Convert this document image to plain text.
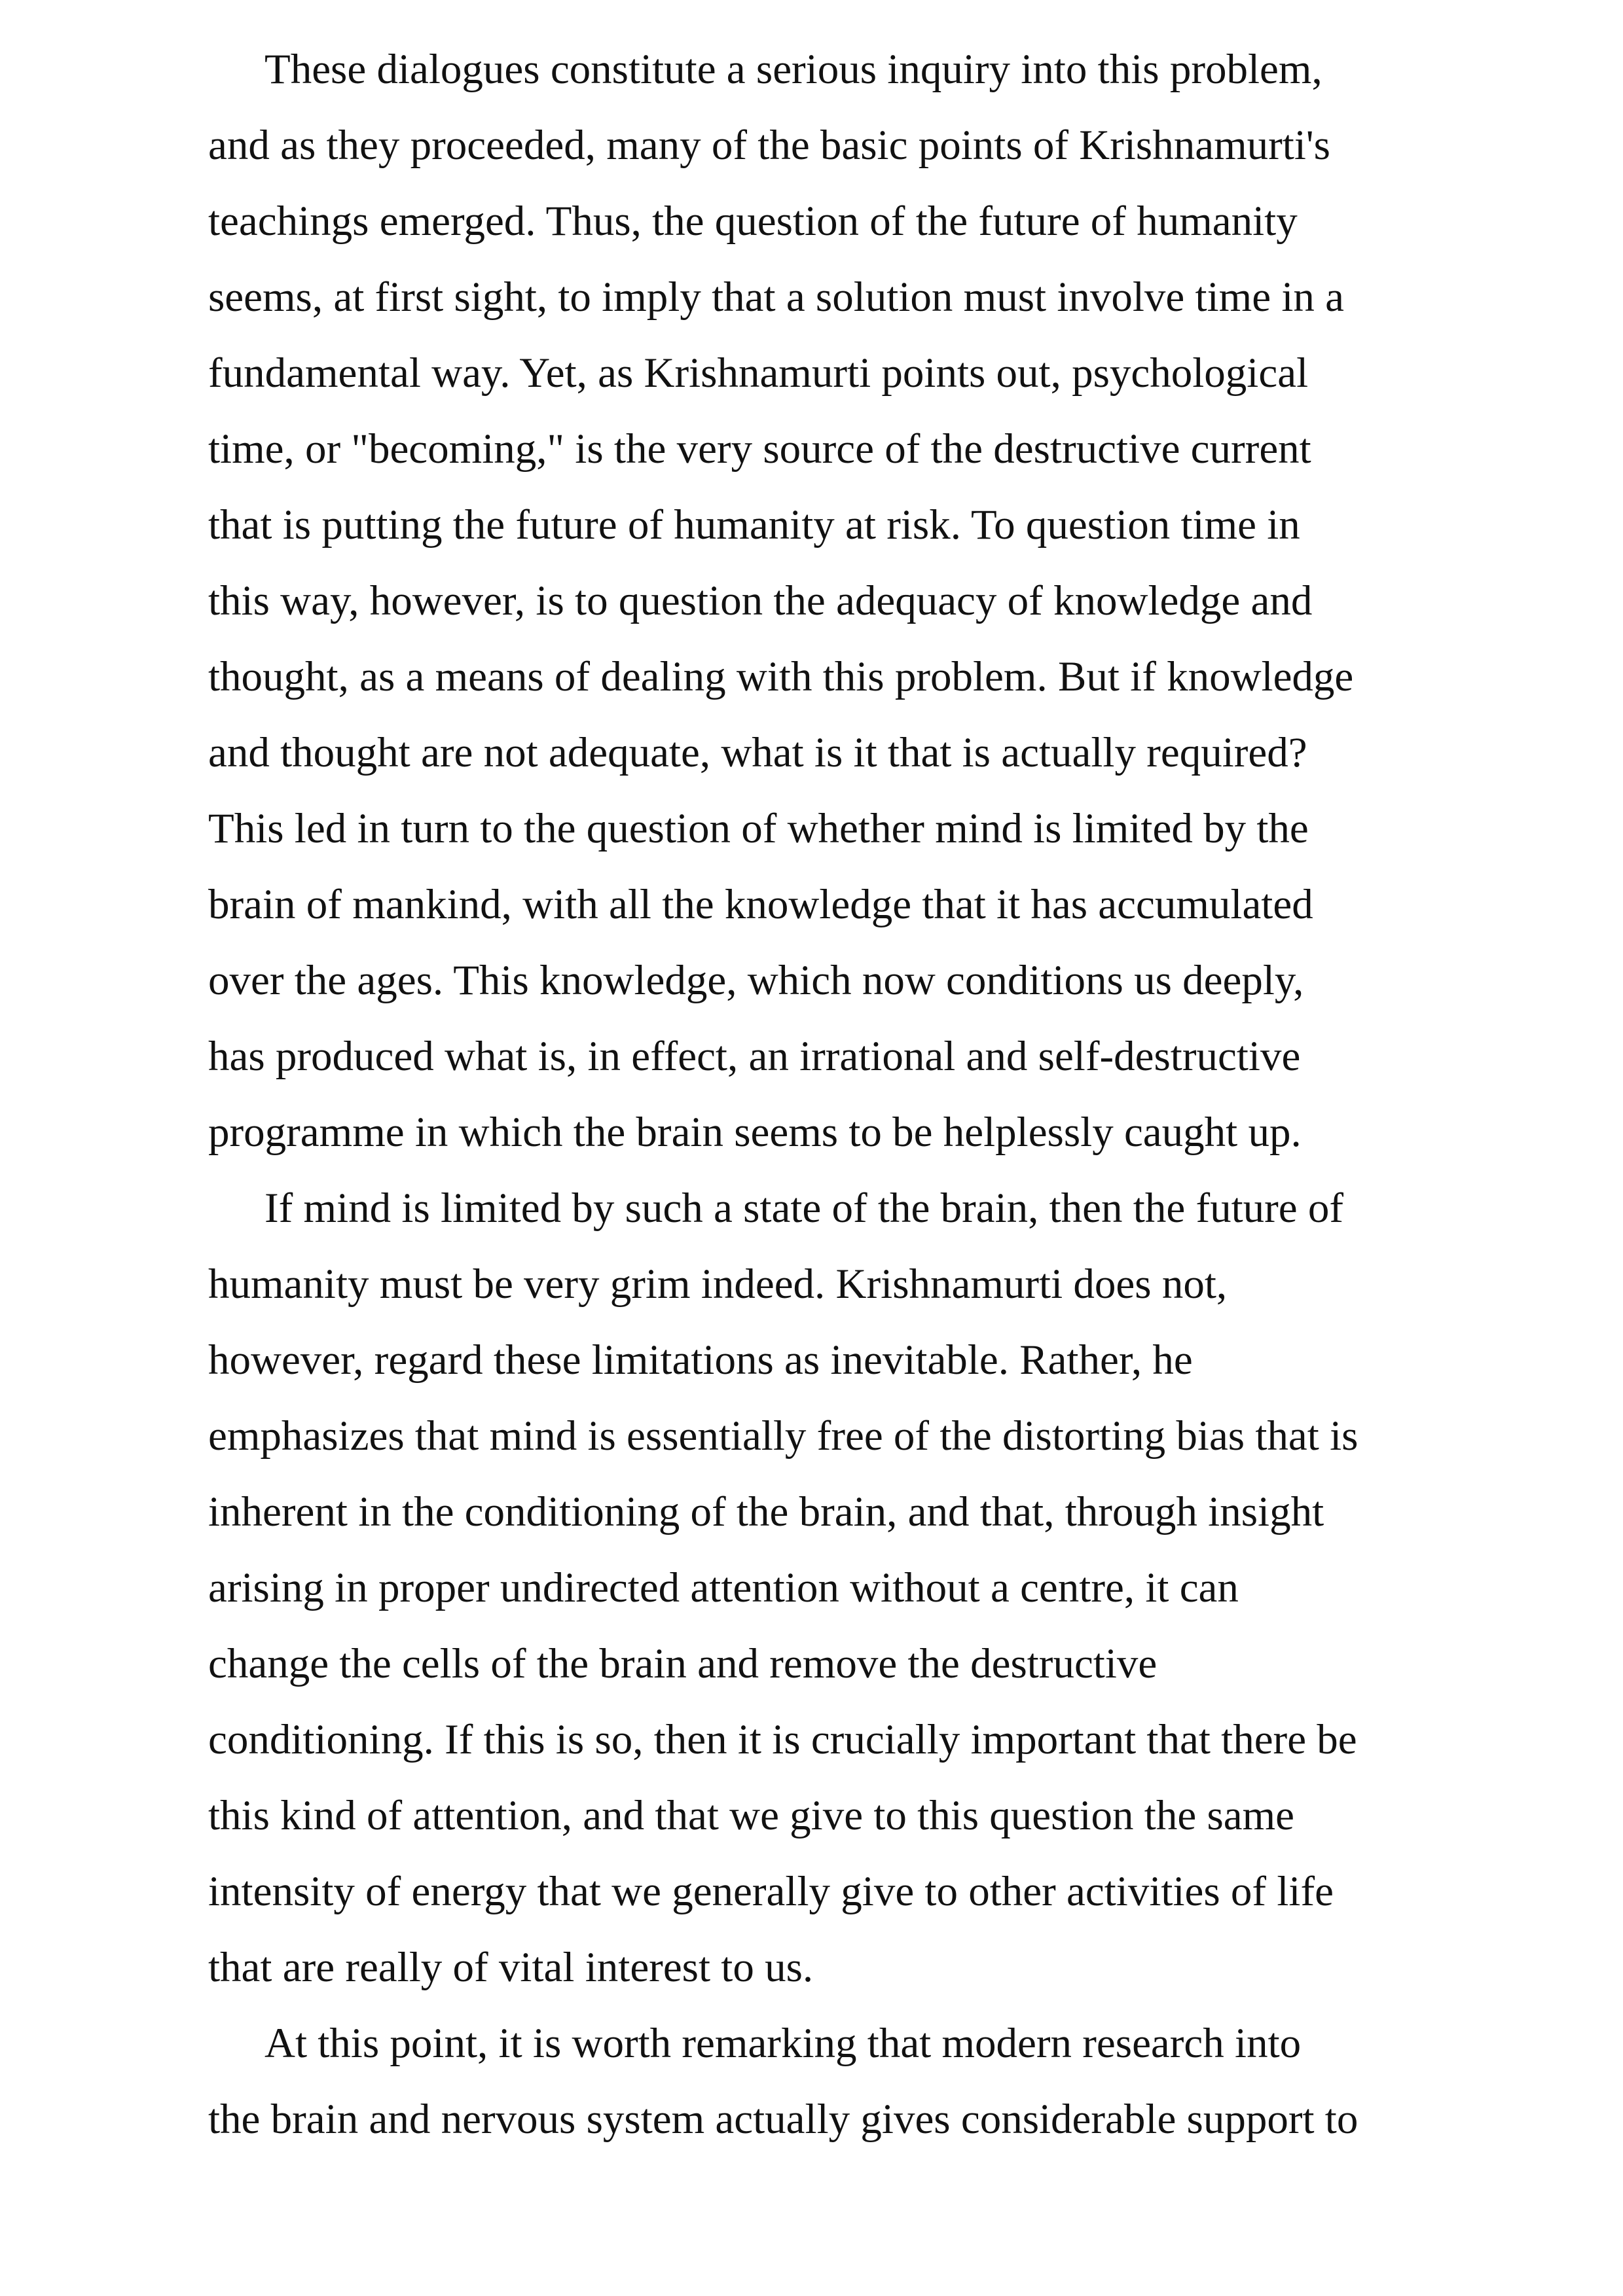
These dialogues constitute a serious inquiry into this problem,
and as they proceeded, many of the basic points of Krishnamurti's
teachings emerged. Thus, the question of the future of humanity
seems, at first sight, to imply that a solution must involve time in a
fundamental way. Yet, as Krishnamurti points out, psychological
time, or "becoming," is the very source of the destructive current
that is putting the future of humanity at risk. To question time in
this way, however, is to question the adequacy of knowledge and
thought, as a means of dealing with this problem. But if knowledge
and thought are not adequate, what is it that is actually required?
This led in turn to the question of whether mind is limited by the
brain of mankind, with all the knowledge that it has accumulated
over the ages. This knowledge, which now conditions us deeply,
has produced what is, in effect, an irrational and self-destructive
programme in which the brain seems to be helplessly caught up.
If mind is limited by such a state of the brain, then the future of
humanity must be very grim indeed. Krishnamurti does not,
however, regard these limitations as inevitable. Rather, he
emphasizes that mind is essentially free of the distorting bias that is
inherent in the conditioning of the brain, and that, through insight
arising in proper undirected attention without a centre, it can
change the cells of the brain and remove the destructive
conditioning. If this is so, then it is crucially important that there be
this kind of attention, and that we give to this question the same
intensity of energy that we generally give to other activities of life
that are really of vital interest to us.
At this point, it is worth remarking that modern research into
the brain and nervous system actually gives considerable support to
